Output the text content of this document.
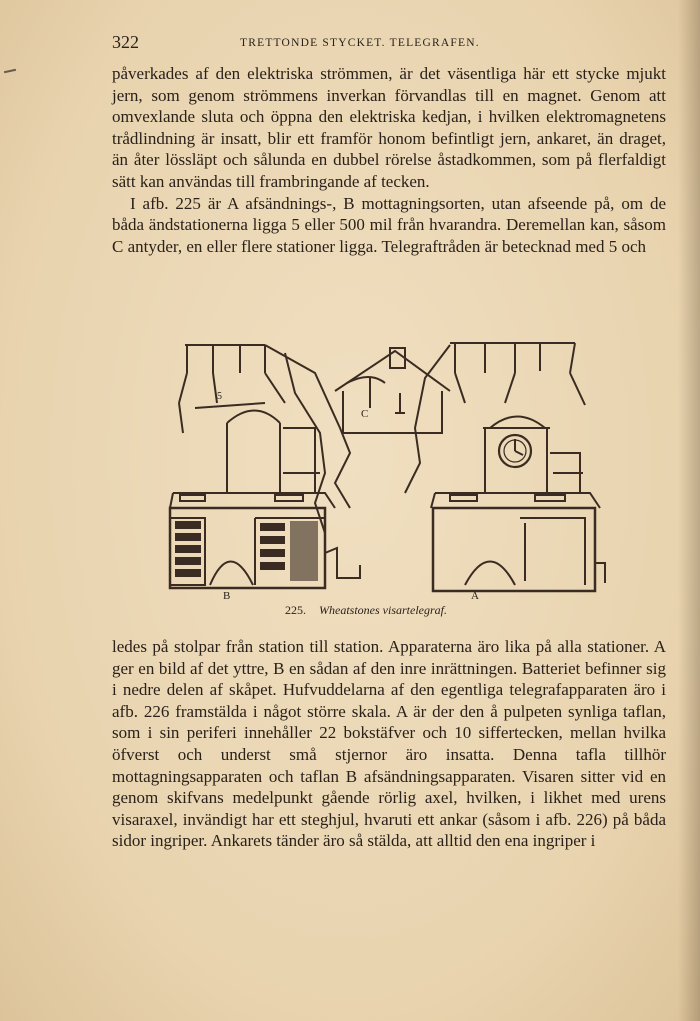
322	TRETTONDE STYCKET. TELEGRAFEN.

påverkades af den elektriska strömmen, är det väsentliga här ett stycke mjukt jern, som genom strömmens inverkan förvandlas till en magnet. Genom att omvexlande sluta och öppna den elektriska kedjan, i hvilken elektromagnetens trådlindning är insatt, blir ett framför honom befintligt jern, ankaret, än draget, än åter lössläpt och sålunda en dubbel rörelse åstadkommen, som på flerfaldigt sätt kan användas till frambringande af tecken.

I afb. 225 är A afsändnings-, B mottagningsorten, utan afseende på, om de båda ändstationerna ligga 5 eller 500 mil från hvarandra. Deremellan kan, såsom C antyder, en eller flere stationer ligga. Telegraftråden är betecknad med 5 och

B	A
C
5
225. Wheatstones visartelegraf.

ledes på stolpar från station till station. Apparaterna äro lika på alla stationer. A ger en bild af det yttre, B en sådan af den inre inrättningen. Batteriet befinner sig i nedre delen af skåpet. Hufvuddelarna af den egentliga telegrafapparaten äro i afb. 226 framstälda i något större skala. A är der den å pulpeten synliga taflan, som i sin periferi innehåller 22 bokstäfver och 10 siffertecken, mellan hvilka öfverst och underst små stjernor äro insatta. Denna tafla tillhör mottagningsapparaten och taflan B afsändningsapparaten. Visaren sitter vid en genom skifvans medelpunkt gående rörlig axel, hvilken, i likhet med urens visaraxel, invändigt har ett steghjul, hvaruti ett ankar (såsom i afb. 226) på båda sidor ingriper. Ankarets tänder äro så stälda, att alltid den ena ingriper i
